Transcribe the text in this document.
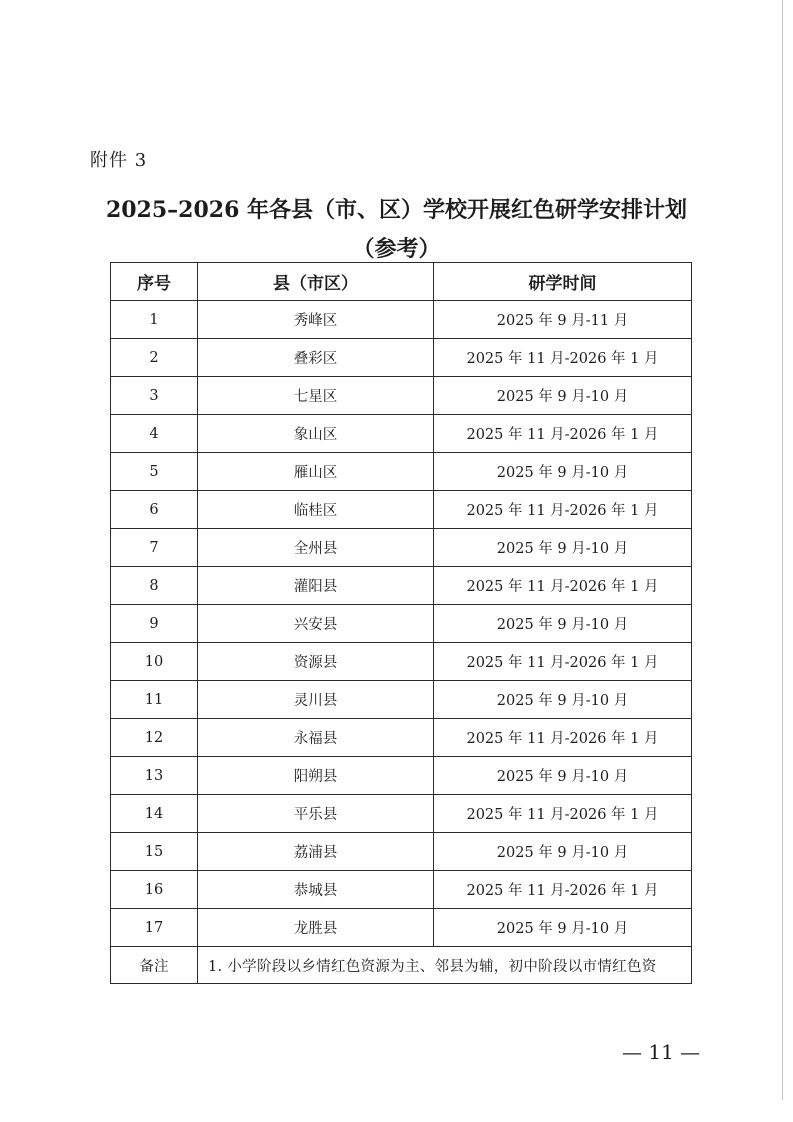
附件 3
2025–2026 年各县（市、区）学校开展红色研学安排计划
（参考）
序号	县（市区）	研学时间
1	秀峰区	2025 年 9 月-11 月
2	叠彩区	2025 年 11 月-2026 年 1 月
3	七星区	2025 年 9 月-10 月
4	象山区	2025 年 11 月-2026 年 1 月
5	雁山区	2025 年 9 月-10 月
6	临桂区	2025 年 11 月-2026 年 1 月
7	全州县	2025 年 9 月-10 月
8	灌阳县	2025 年 11 月-2026 年 1 月
9	兴安县	2025 年 9 月-10 月
10	资源县	2025 年 11 月-2026 年 1 月
11	灵川县	2025 年 9 月-10 月
12	永福县	2025 年 11 月-2026 年 1 月
13	阳朔县	2025 年 9 月-10 月
14	平乐县	2025 年 11 月-2026 年 1 月
15	荔浦县	2025 年 9 月-10 月
16	恭城县	2025 年 11 月-2026 年 1 月
17	龙胜县	2025 年 9 月-10 月
备注	1. 小学阶段以乡情红色资源为主、邻县为辅，初中阶段以市情红色资	
— 11 —
